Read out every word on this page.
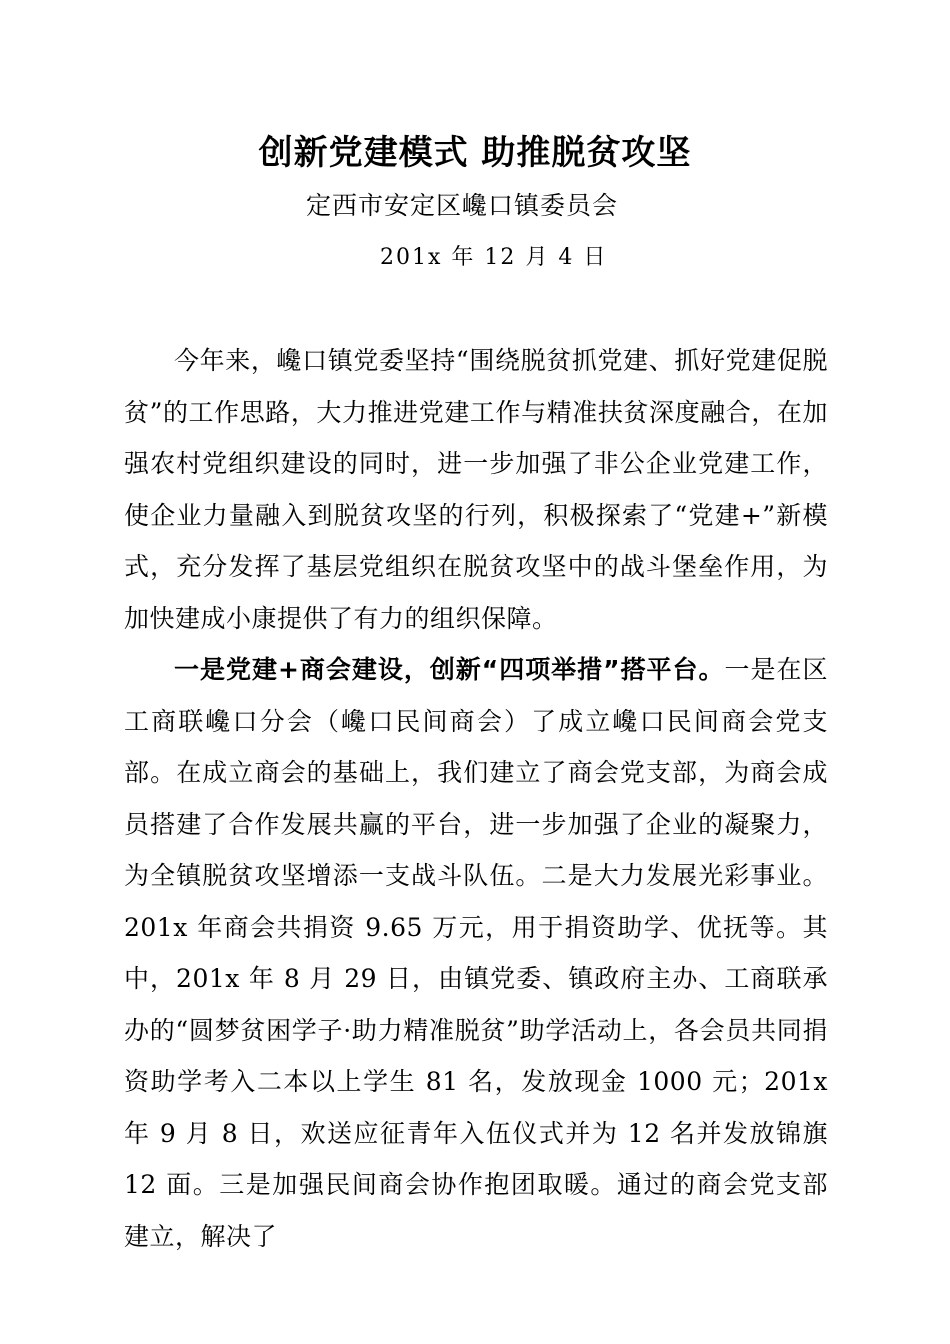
创新党建模式 助推脱贫攻坚
定西市安定区巉口镇委员会
201x 年 12 月 4 日

今年来，巉口镇党委坚持“围绕脱贫抓党建、抓好党建促脱贫”的工作思路，大力推进党建工作与精准扶贫深度融合，在加强农村党组织建设的同时，进一步加强了非公企业党建工作，使企业力量融入到脱贫攻坚的行列，积极探索了“党建+”新模式，充分发挥了基层党组织在脱贫攻坚中的战斗堡垒作用，为加快建成小康提供了有力的组织保障。

一是党建+商会建设，创新“四项举措”搭平台。一是在区工商联巉口分会（巉口民间商会）了成立巉口民间商会党支部。在成立商会的基础上，我们建立了商会党支部，为商会成员搭建了合作发展共赢的平台，进一步加强了企业的凝聚力，为全镇脱贫攻坚增添一支战斗队伍。二是大力发展光彩事业。201x 年商会共捐资 9.65 万元，用于捐资助学、优抚等。其中，201x 年 8 月 29 日，由镇党委、镇政府主办、工商联承办的“圆梦贫困学子·助力精准脱贫”助学活动上，各会员共同捐资助学考入二本以上学生 81 名，发放现金 1000 元；201x 年 9 月 8 日，欢送应征青年入伍仪式并为 12 名并发放锦旗 12 面。三是加强民间商会协作抱团取暖。通过的商会党支部建立，解决了
